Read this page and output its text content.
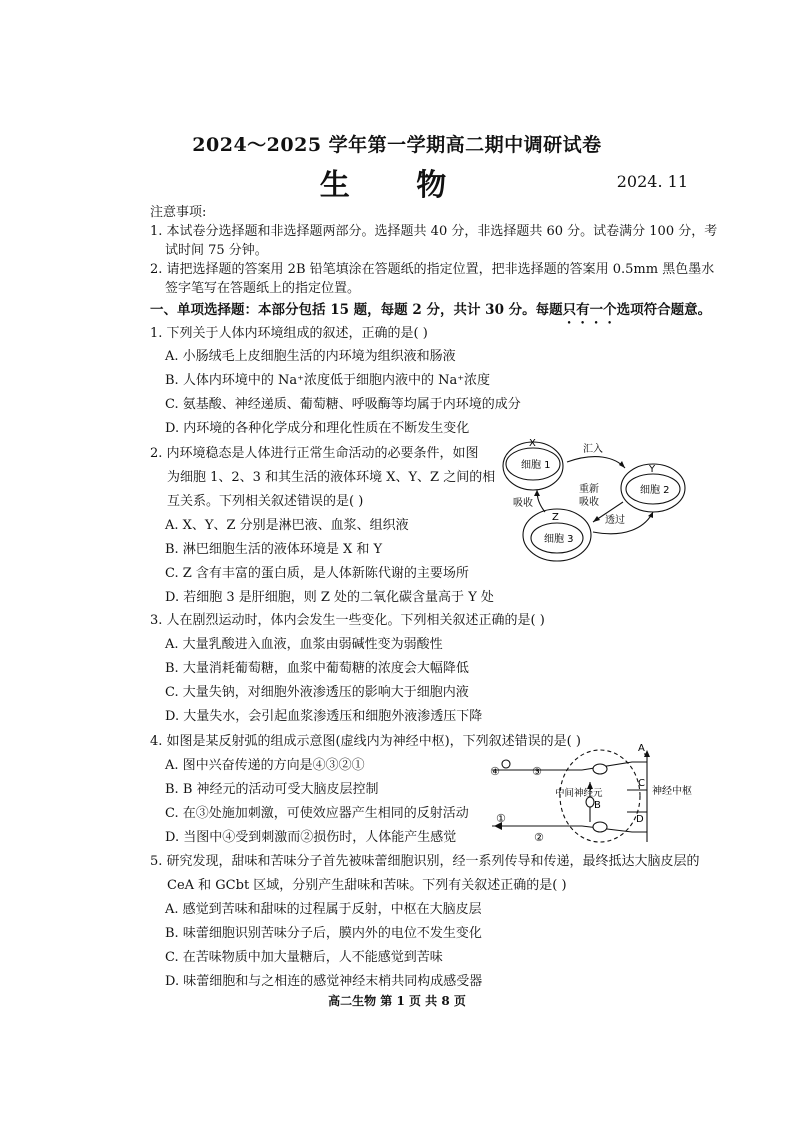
2024～2025 学年第一学期高二期中调研试卷
生 物	2024. 11
注意事项:
1. 本试卷分选择题和非选择题两部分。选择题共 40 分，非选择题共 60 分。试卷满分 100 分，考
试时间 75 分钟。
2. 请把选择题的答案用 2B 铅笔填涂在答题纸的指定位置，把非选择题的答案用 0.5mm 黑色墨水
签字笔写在答题纸上的指定位置。
一、单项选择题：本部分包括 15 题，每题 2 分，共计 30 分。每题只有一个选项符合题意。
1. 下列关于人体内环境组成的叙述，正确的是( )
A. 小肠绒毛上皮细胞生活的内环境为组织液和肠液
B. 人体内环境中的 Na⁺浓度低于细胞内液中的 Na⁺浓度
C. 氨基酸、神经递质、葡萄糖、呼吸酶等均属于内环境的成分
D. 内环境的各种化学成分和理化性质在不断发生变化
2. 内环境稳态是人体进行正常生命活动的必要条件，如图
为细胞 1、2、3 和其生活的液体环境 X、Y、Z 之间的相
互关系。下列相关叙述错误的是( )
A. X、Y、Z 分别是淋巴液、血浆、组织液
B. 淋巴细胞生活的液体环境是 X 和 Y
C. Z 含有丰富的蛋白质，是人体新陈代谢的主要场所
D. 若细胞 3 是肝细胞，则 Z 处的二氧化碳含量高于 Y 处
X
细胞 1	Y
细胞 2
Z
细胞 3
汇入
吸收
重新
吸收
透过
3. 人在剧烈运动时，体内会发生一些变化。下列相关叙述正确的是( )
A. 大量乳酸进入血液，血浆由弱碱性变为弱酸性
B. 大量消耗葡萄糖，血浆中葡萄糖的浓度会大幅降低
C. 大量失钠，对细胞外液渗透压的影响大于细胞内液
D. 大量失水，会引起血浆渗透压和细胞外液渗透压下降
4. 如图是某反射弧的组成示意图(虚线内为神经中枢)，下列叙述错误的是( )
A. 图中兴奋传递的方向是④③②①
B. B 神经元的活动可受大脑皮层控制
C. 在③处施加刺激，可使效应器产生相同的反射活动
D. 当图中④受到刺激而②损伤时，人体能产生感觉
④	③
①
②
A
B
C
D
中间神经元	神经中枢
5. 研究发现，甜味和苦味分子首先被味蕾细胞识别，经一系列传导和传递，最终抵达大脑皮层的
CeA 和 GCbt 区域，分别产生甜味和苦味。下列有关叙述正确的是( )
A. 感觉到苦味和甜味的过程属于反射，中枢在大脑皮层
B. 味蕾细胞识别苦味分子后，膜内外的电位不发生变化
C. 在苦味物质中加大量糖后，人不能感觉到苦味
D. 味蕾细胞和与之相连的感觉神经末梢共同构成感受器
高二生物 第 1 页 共 8 页
